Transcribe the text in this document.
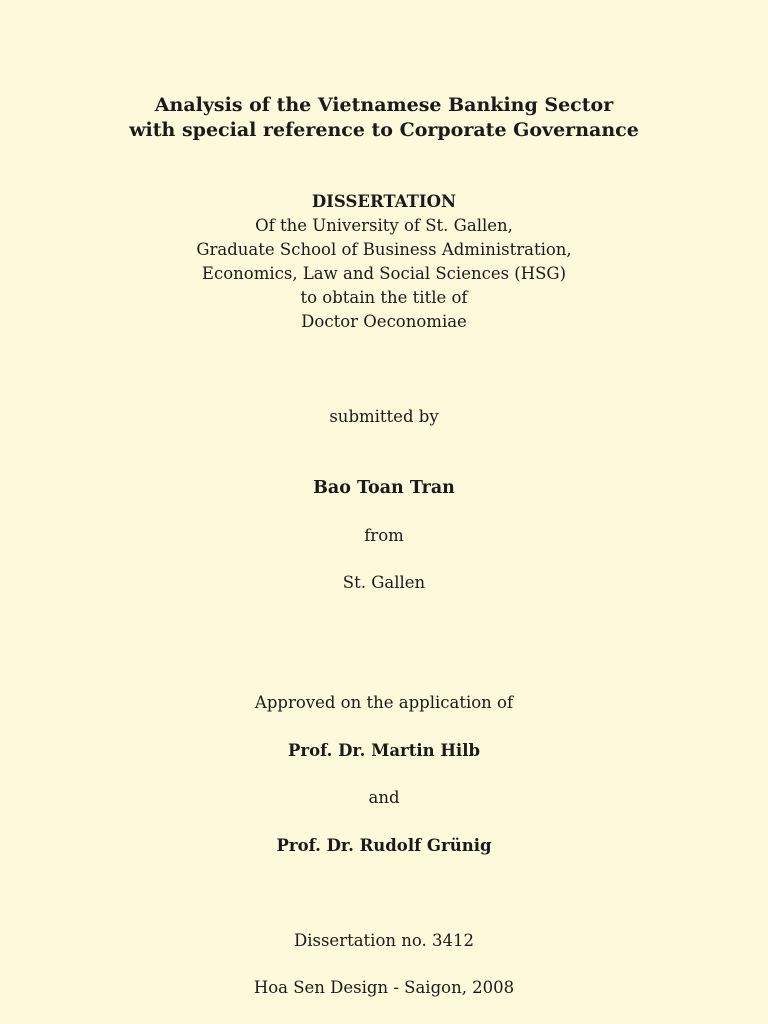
Analysis of the Vietnamese Banking Sector
with special reference to Corporate Governance
DISSERTATION
Of the University of St. Gallen,
Graduate School of Business Administration,
Economics, Law and Social Sciences (HSG)
to obtain the title of
Doctor Oeconomiae
submitted by
Bao Toan Tran
from
St. Gallen
Approved on the application of
Prof. Dr. Martin Hilb
and
Prof. Dr. Rudolf Grünig
Dissertation no. 3412
Hoa Sen Design - Saigon, 2008
